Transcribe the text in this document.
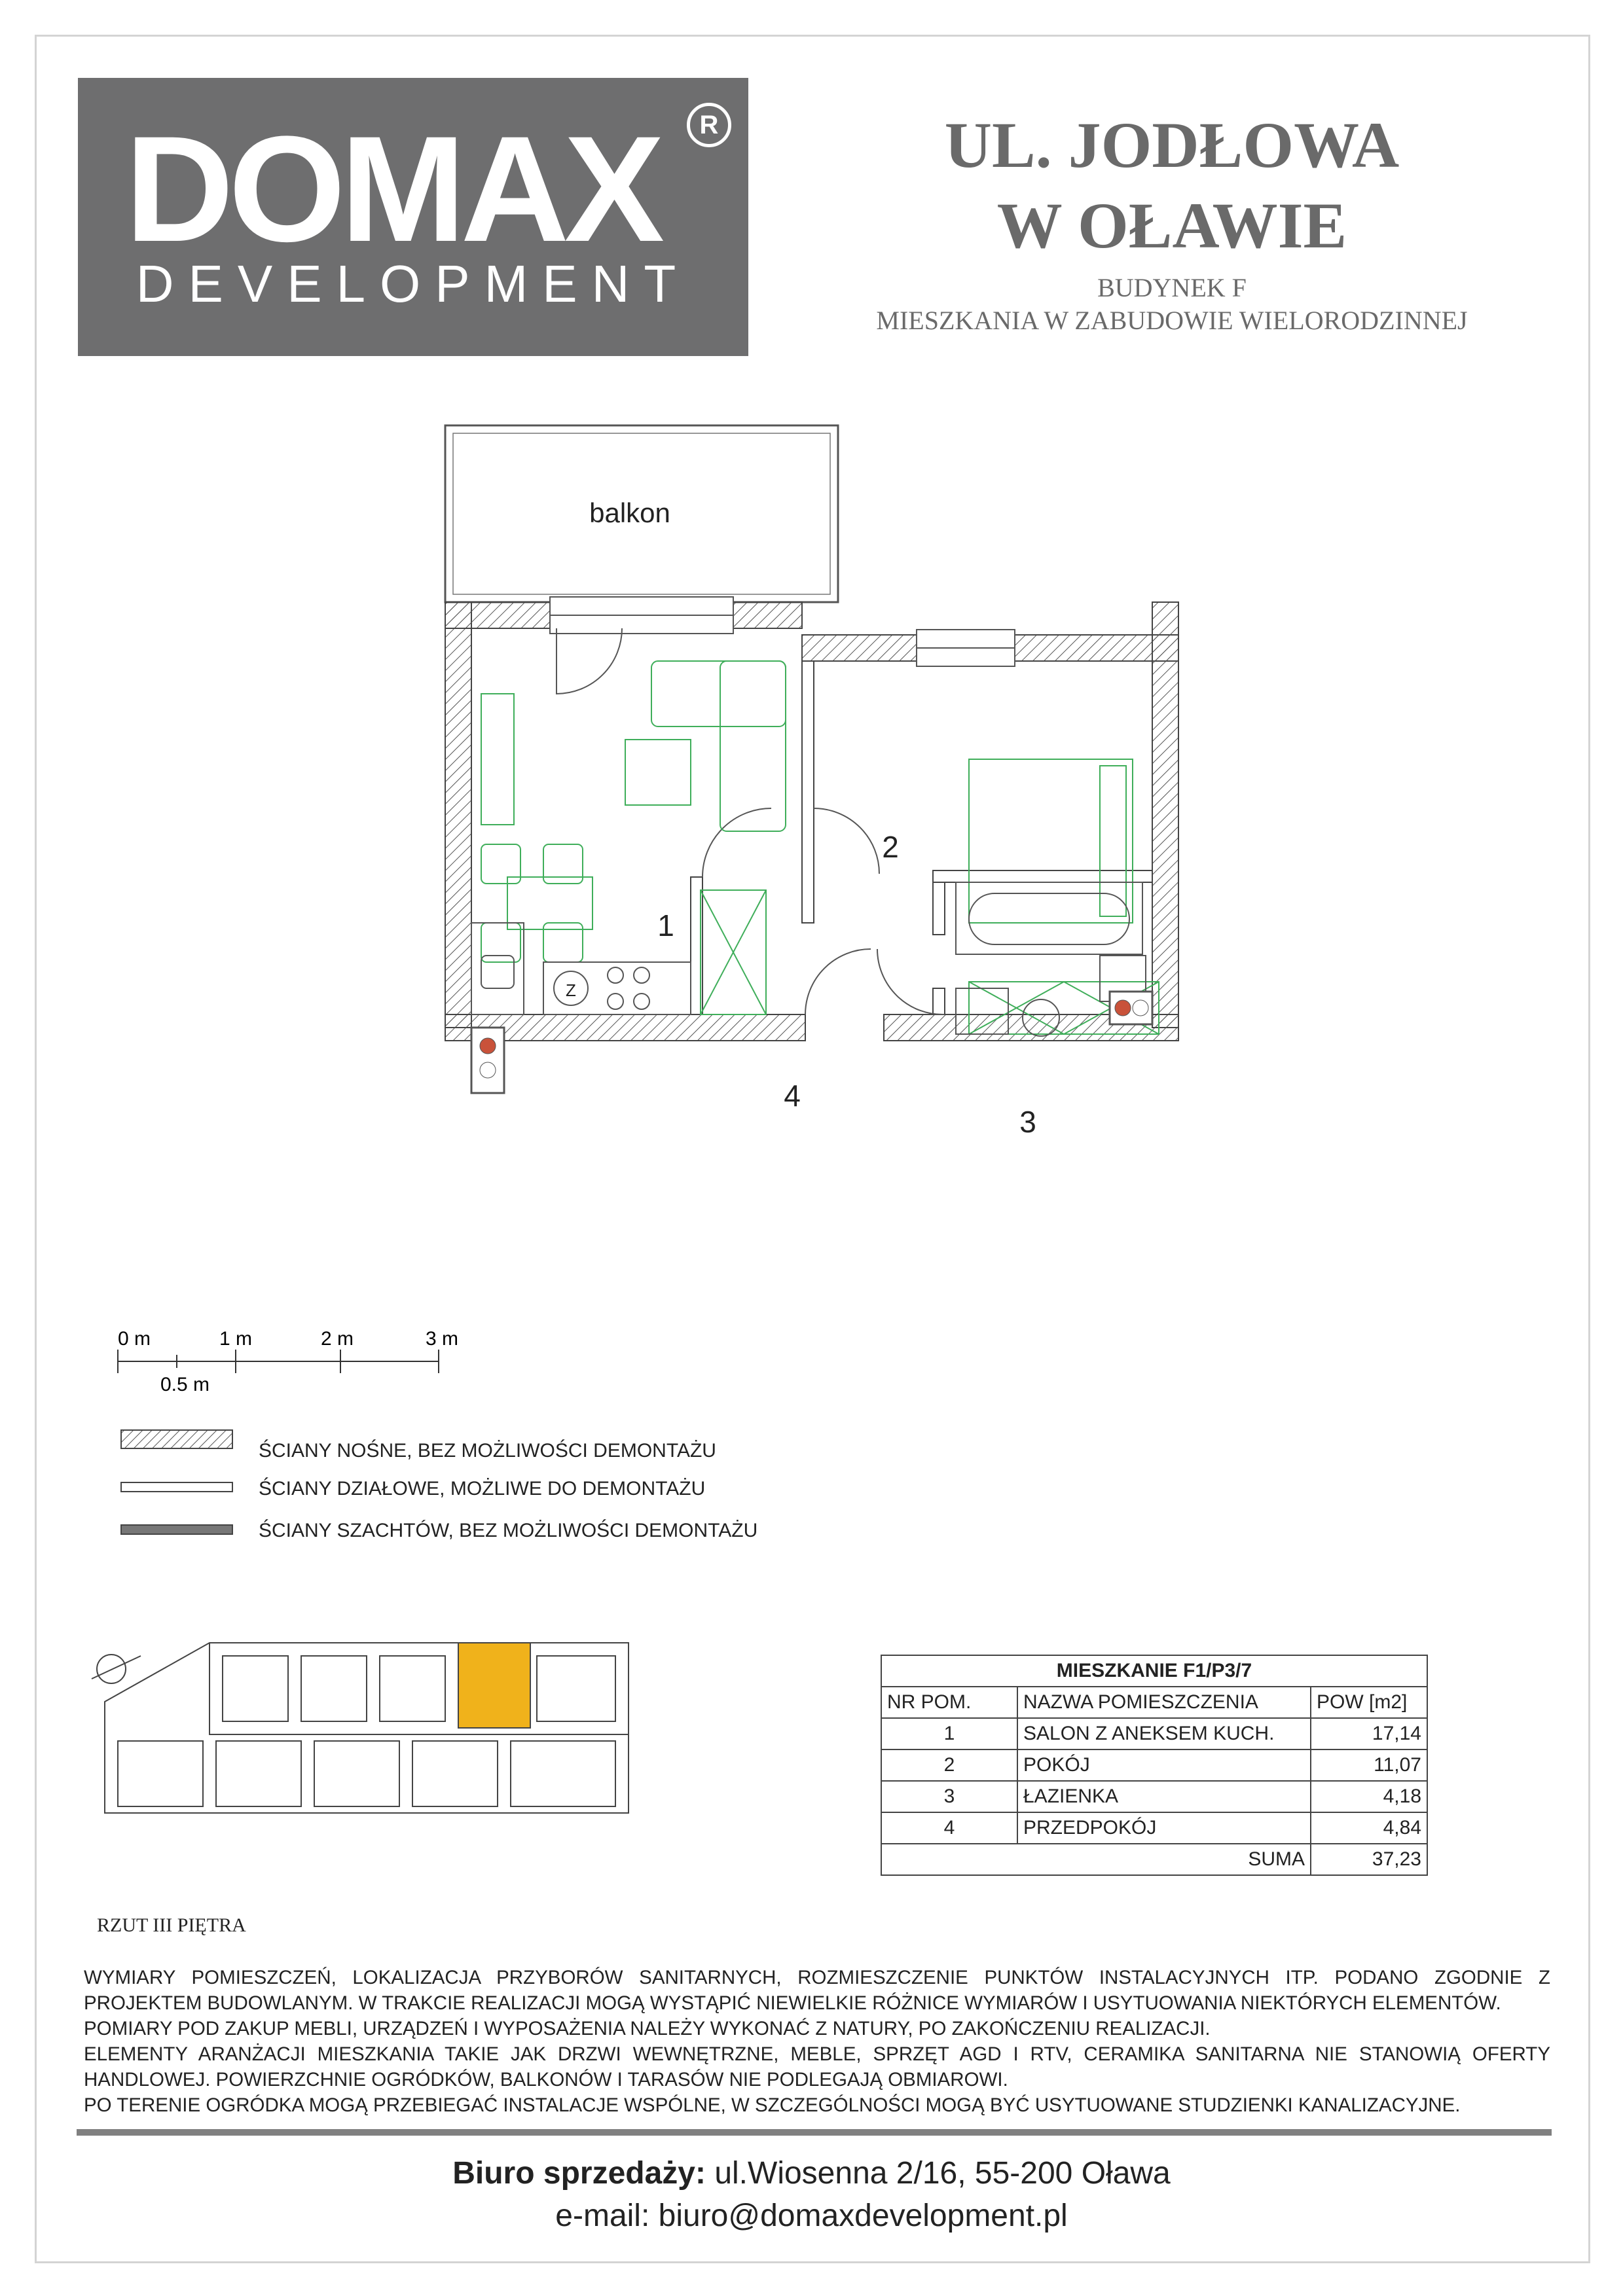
DOMAX	R
DEVELOPMENT
UL. JODŁOWA
W OŁAWIE
BUDYNEK F
MIESZKANIA W ZABUDOWIE WIELORODZINNEJ
balkon
Z
1
2
3
4
0 m	1 m	2 m	3 m
0.5 m
ŚCIANY NOŚNE, BEZ MOŻLIWOŚCI DEMONTAŻU
ŚCIANY DZIAŁOWE, MOŻLIWE DO DEMONTAŻU
ŚCIANY SZACHTÓW, BEZ MOŻLIWOŚCI DEMONTAŻU
MIESZKANIE F1/P3/7		
NR POM.	NAZWA POMIESZCZENIA	POW [m2]
1	SALON Z ANEKSEM KUCH.	17,14
2	POKÓJ	11,07
3	ŁAZIENKA	4,18
4	PRZEDPOKÓJ	4,84
SUMA		37,23
RZUT III PIĘTRA

WYMIARY POMIESZCZEŃ, LOKALIZACJA PRZYBORÓW SANITARNYCH, ROZMIESZCZENIE PUNKTÓW INSTALACYJNYCH ITP. PODANO ZGODNIE Z PROJEKTEM BUDOWLANYM. W TRAKCIE REALIZACJI MOGĄ WYSTĄPIĆ NIEWIELKIE RÓŻNICE WYMIARÓW I USYTUOWANIA NIEKTÓRYCH ELEMENTÓW.

POMIARY POD ZAKUP MEBLI, URZĄDZEŃ I WYPOSAŻENIA NALEŻY WYKONAĆ Z NATURY, PO ZAKOŃCZENIU REALIZACJI.

ELEMENTY ARANŻACJI MIESZKANIA TAKIE JAK DRZWI WEWNĘTRZNE, MEBLE, SPRZĘT AGD I RTV, CERAMIKA SANITARNA NIE STANOWIĄ OFERTY HANDLOWEJ. POWIERZCHNIE OGRÓDKÓW, BALKONÓW I TARASÓW NIE PODLEGAJĄ OBMIAROWI.

PO TERENIE OGRÓDKA MOGĄ PRZEBIEGAĆ INSTALACJE WSPÓLNE, W SZCZEGÓLNOŚCI MOGĄ BYĆ USYTUOWANE STUDZIENKI KANALIZACYJNE.

Biuro sprzedaży: ul.Wiosenna 2/16, 55-200 Oława
e-mail: biuro@domaxdevelopment.pl
